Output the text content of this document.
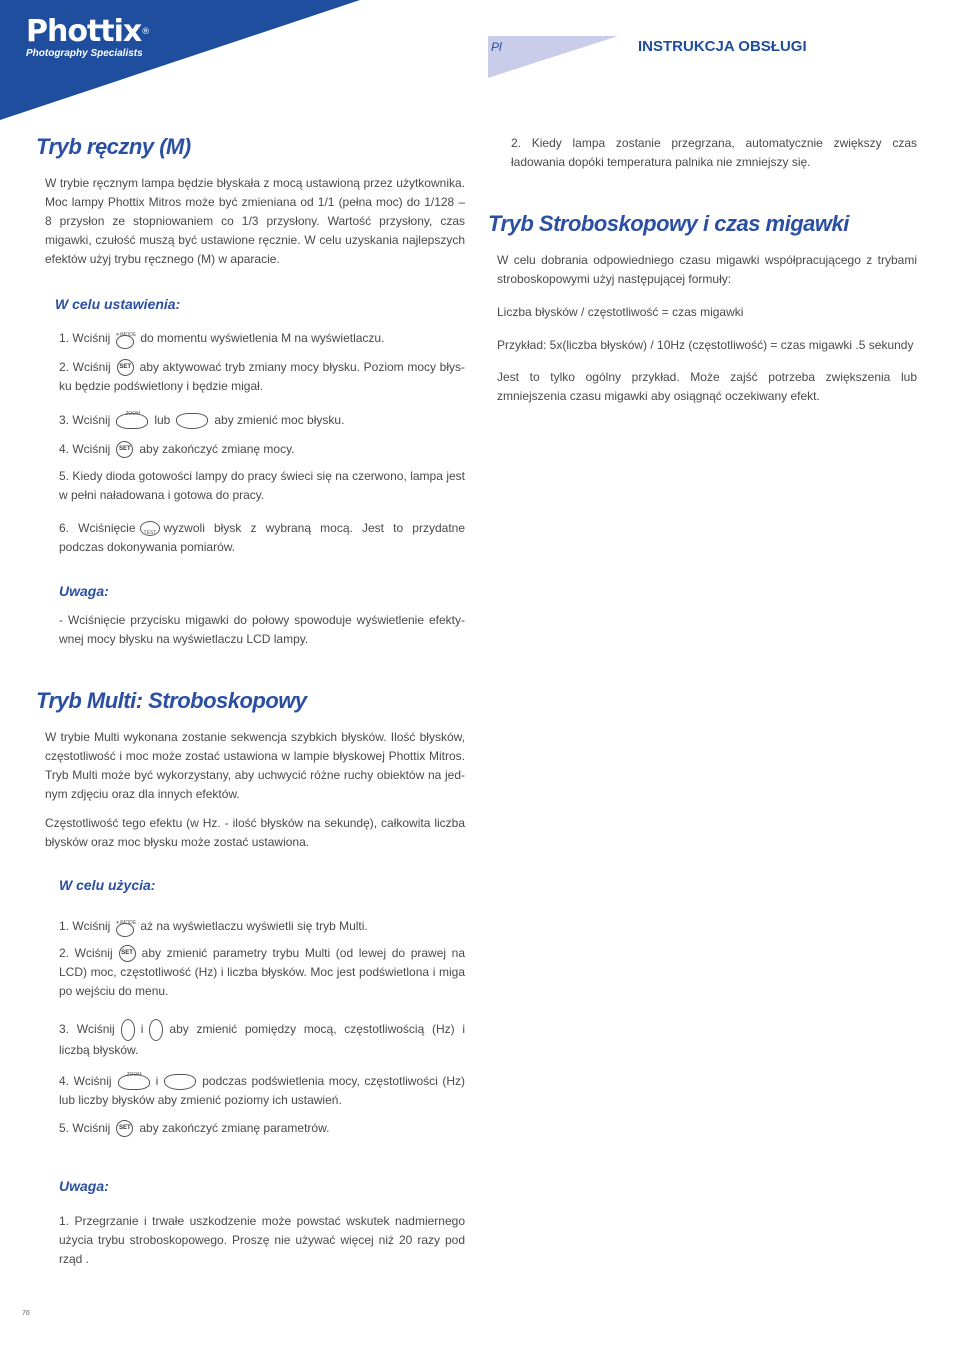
Phottix®
Photography Specialists	Pl	INSTRUKCJA OBSŁUGI
Tryb ręczny (M)

W trybie ręcznym lampa będzie błyskała z mocą ustawioną przez użytkownika. Moc lampy Phottix Mitros może być zmieniana od 1/1 (pełna moc) do 1/128 – 8 przysłon ze stopniowaniem co 1/3 przysłony. Wartość przysłony, czas migawki, czułość muszą być ustawione ręcznie. W celu uzyskania najlepszych efektów użyj trybu ręcznego (M) w aparacie.

W celu ustawienia:

1. Wciśnij ☀/MODE	do momentu wyświetlenia M na wyświetlaczu.

2. Wciśnij SET aby aktywować tryb zmiany mocy błysku. Poziom mocy błys-ku będzie podświetlony i będzie migał.

3. Wciśnij ZOOM	lub	aby zmienić moc błysku.

4. Wciśnij SET aby zakończyć zmianę mocy.

5. Kiedy dioda gotowości lampy do pracy świeci się na czerwono, lampa jest w pełni naładowana i gotowa do pracy.

6. Wciśnięcie TEST wyzwoli błysk z wybraną mocą. Jest to przydatne podczas dokonywania pomiarów.

Uwaga:

- Wciśnięcie przycisku migawki do połowy spowoduje wyświetlenie efekty-wnej mocy błysku na wyświetlaczu LCD lampy.

Tryb Multi: Stroboskopowy

W trybie Multi wykonana zostanie sekwencja szybkich błysków. Ilość błysków, częstotliwość i moc może zostać ustawiona w lampie błyskowej Phottix Mitros. Tryb Multi może być wykorzystany, aby uchwycić różne ruchy obiektów na jed-nym zdjęciu oraz dla innych efektów.

Częstotliwość tego efektu (w Hz. - ilość błysków na sekundę), całkowita liczba błysków oraz moc błysku może zostać ustawiona.

W celu użycia:

1. Wciśnij ☀/MODE	aż na wyświetlaczu wyświetli się tryb Multi.

2. Wciśnij SET aby zmienić parametry trybu Multi (od lewej do prawej na LCD) moc, częstotliwość (Hz) i liczba błysków. Moc jest podświetlona i miga po wejściu do menu.

3. Wciśnij i aby zmienić pomiędzy mocą, częstotliwością (Hz) i liczbą błysków.

4. Wciśnij ZOOM	i	podczas podświetlenia mocy, częstotliwości (Hz) lub liczby błysków aby zmienić poziomy ich ustawień.

5. Wciśnij SET aby zakończyć zmianę parametrów.

Uwaga:

1. Przegrzanie i trwałe uszkodzenie może powstać wskutek nadmiernego użycia trybu stroboskopowego. Proszę nie używać więcej niż 20 razy pod rząd .

2. Kiedy lampa zostanie przegrzana, automatycznie zwiększy czas ładowania dopóki temperatura palnika nie zmniejszy się.

Tryb Stroboskopowy i czas migawki

W celu dobrania odpowiedniego czasu migawki współpracującego z trybami stroboskopowymi użyj następującej formuły:

Liczba błysków / częstotliwość = czas migawki

Przykład: 5x(liczba błysków) / 10Hz (częstotliwość) = czas migawki .5 sekundy

Jest to tylko ogólny przykład. Może zajść potrzeba zwiększenia lub zmniejszenia czasu migawki aby osiągnąć oczekiwany efekt.

76
